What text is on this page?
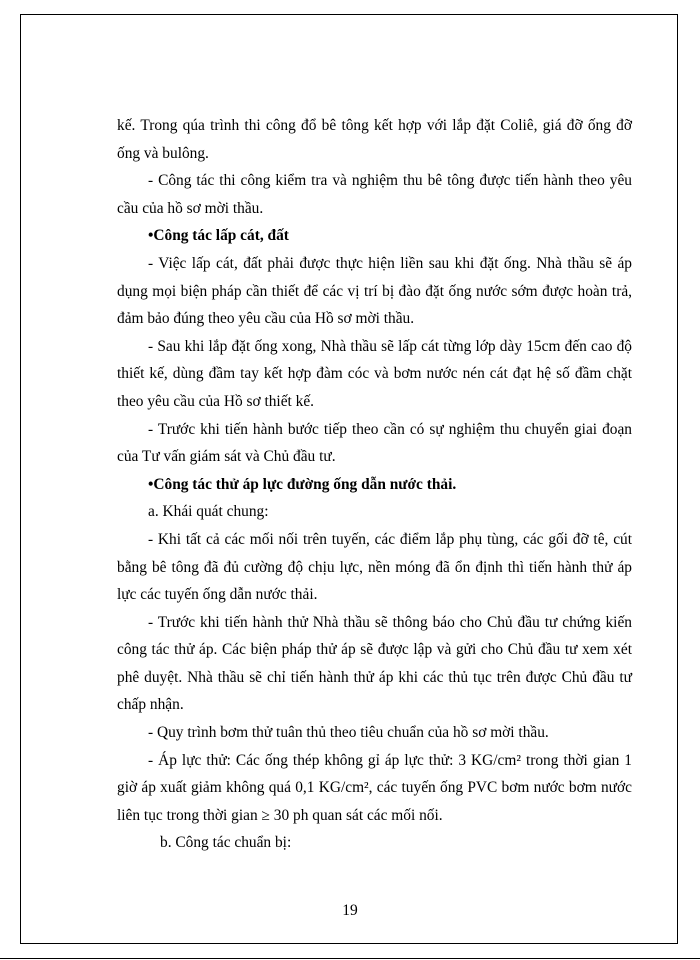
kế. Trong qúa trình thi công đổ bê tông kết hợp với lắp đặt Coliê, giá đỡ ống đỡ ống và bulông.

- Công tác thi công kiểm tra và nghiệm thu bê tông được tiến hành theo yêu cầu của hồ sơ mời thầu.

•Công tác lấp cát, đất

- Việc lấp cát, đất phải được thực hiện liền sau khi đặt ống. Nhà thầu sẽ áp dụng mọi biện pháp cần thiết để các vị trí bị đào đặt ống nước sớm được hoàn trả, đảm bảo đúng theo yêu cầu của Hồ sơ mời thầu.

- Sau khi lắp đặt ống xong, Nhà thầu sẽ lấp cát từng lớp dày 15cm đến cao độ thiết kế, dùng đầm tay kết hợp đàm cóc và bơm nước nén cát đạt hệ số đầm chặt theo yêu cầu của Hồ sơ thiết kế.

- Trước khi tiến hành bước tiếp theo cần có sự nghiệm thu chuyển giai đoạn của Tư vấn giám sát và Chủ đầu tư.

•Công tác thử áp lực đường ống dẫn nước thải.

a. Khái quát chung:

- Khi tất cả các mối nối trên tuyến, các điểm lắp phụ tùng, các gối đỡ tê, cút bằng bê tông đã đủ cường độ chịu lực, nền móng đã ổn định thì tiến hành thử áp lực các tuyến ống dẫn nước thải.

- Trước khi tiến hành thử Nhà thầu sẽ thông báo cho Chủ đầu tư chứng kiến công tác thử áp. Các biện pháp thử áp sẽ được lập và gửi cho Chủ đầu tư xem xét phê duyệt. Nhà thầu sẽ chỉ tiến hành thử áp khi các thủ tục trên được Chủ đầu tư chấp nhận.

- Quy trình bơm thử tuân thủ theo tiêu chuẩn của hồ sơ mời thầu.

- Áp lực thử: Các ống thép không gỉ áp lực thử: 3 KG/cm² trong thời gian 1 giờ áp xuất giảm không quá 0,1 KG/cm², các tuyến ống PVC bơm nước bơm nước liên tục trong thời gian ≥ 30 ph quan sát các mối nối.

b. Công tác chuẩn bị:

19
